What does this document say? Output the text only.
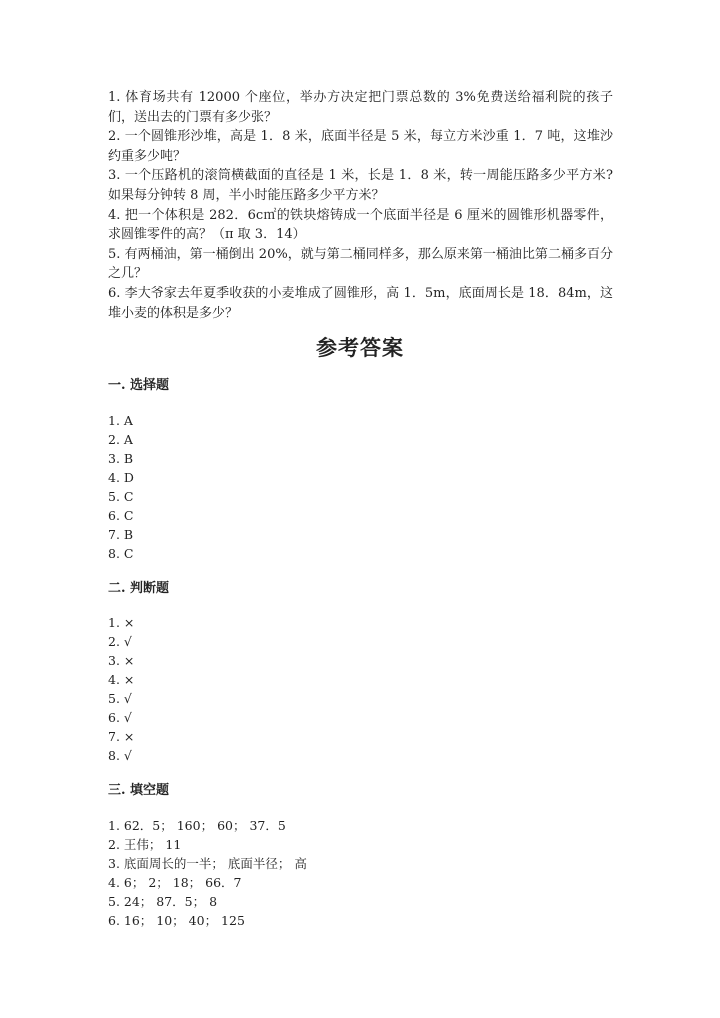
1. 体育场共有 12000 个座位，举办方决定把门票总数的 3%免费送给福利院的孩子们，送出去的门票有多少张？

2. 一个圆锥形沙堆，高是 1．8 米，底面半径是 5 米，每立方米沙重 1．7 吨，这堆沙约重多少吨？

3. 一个压路机的滚筒横截面的直径是 1 米，长是 1．8 米，转一周能压路多少平方米?如果每分钟转 8 周，半小时能压路多少平方米？

4. 把一个体积是 282．6c㎡的铁块熔铸成一个底面半径是 6 厘米的圆锥形机器零件，求圆锥零件的高？（π 取 3．14）

5. 有两桶油，第一桶倒出 20%，就与第二桶同样多，那么原来第一桶油比第二桶多百分之几？

6. 李大爷家去年夏季收获的小麦堆成了圆锥形，高 1．5m，底面周长是 18．84m，这堆小麦的体积是多少？

参考答案
一. 选择题
1. A
2. A
3. B
4. D
5. C
6. C
7. B
8. C
二. 判断题
1. ×
2. √
3. ×
4. ×
5. √
6. √
7. ×
8. √
三. 填空题
1. 62．5； 160； 60； 37．5
2. 王伟； 11
3. 底面周长的一半； 底面半径； 高
4. 6； 2； 18； 66．7
5. 24； 87．5； 8
6. 16； 10； 40； 125
